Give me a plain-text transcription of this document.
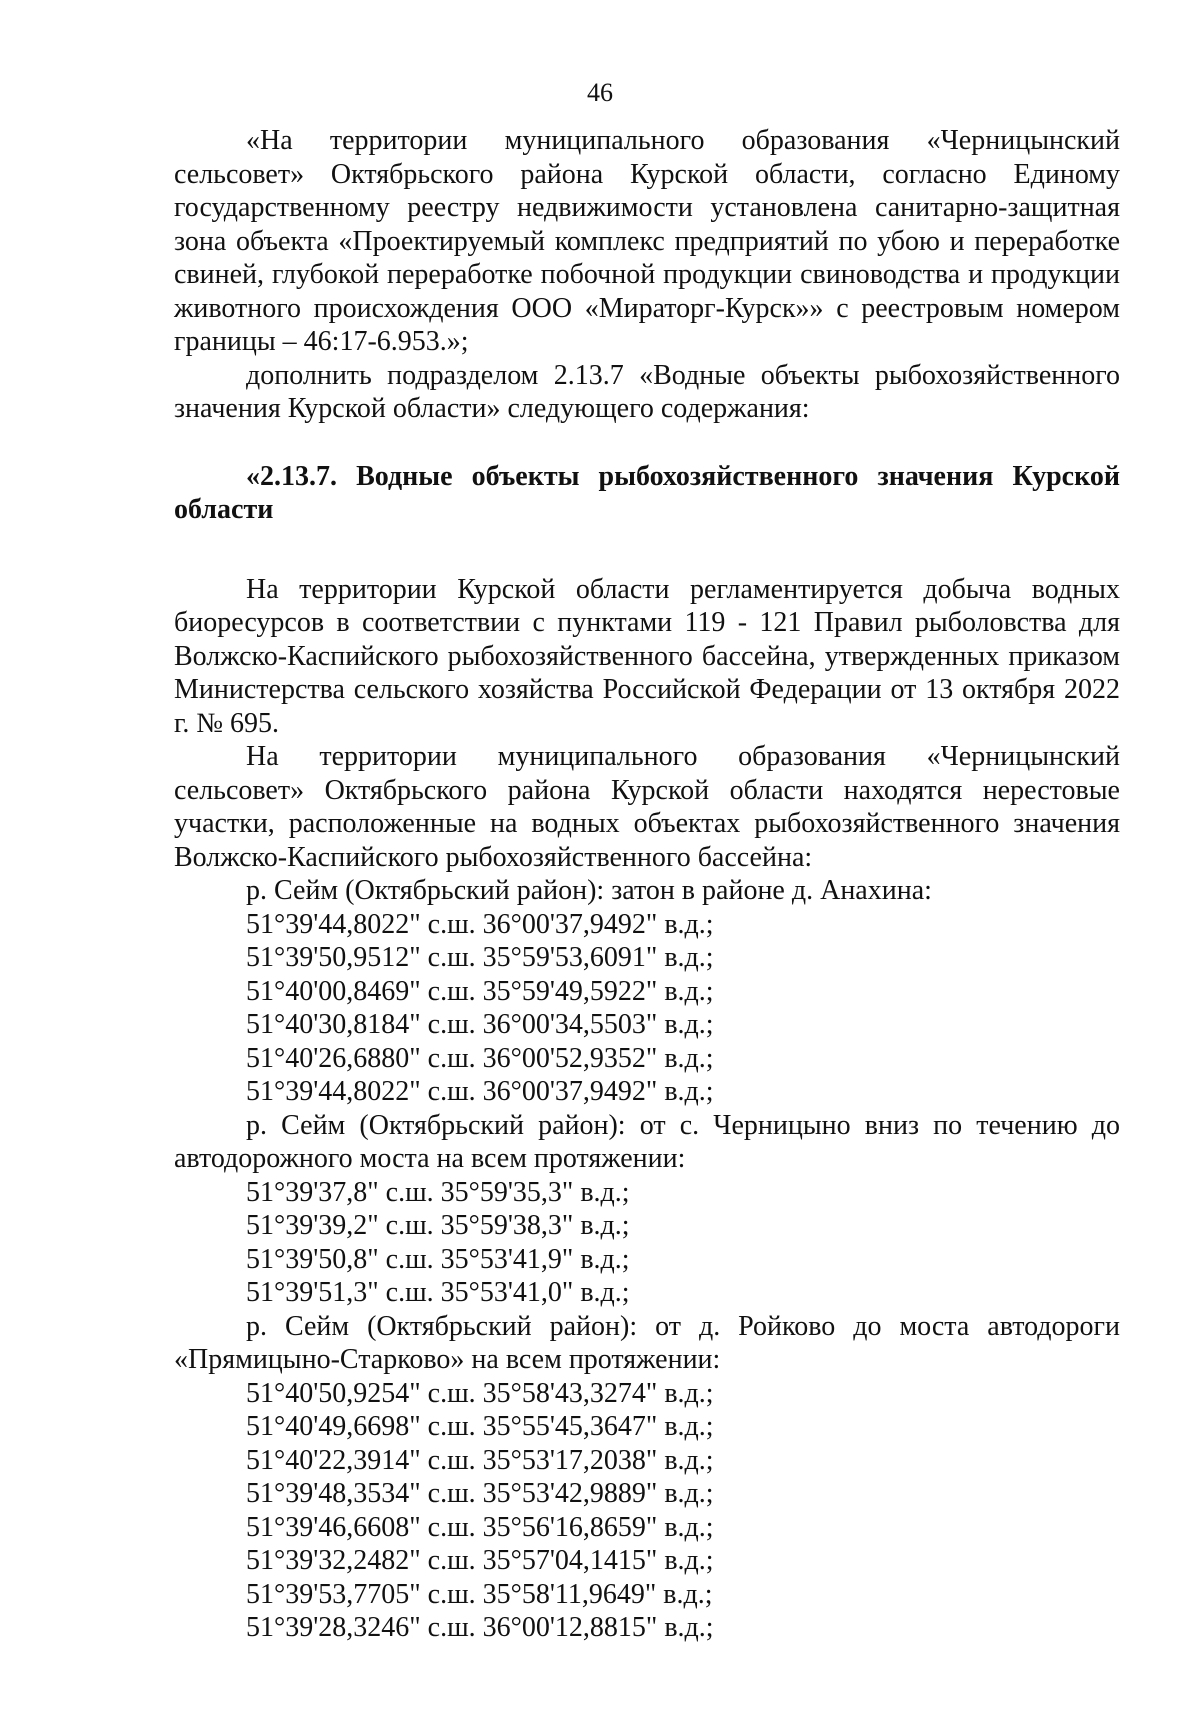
46

«На территории муниципального образования «Черницынский сельсовет» Октябрьского района Курской области, согласно Единому государственному реестру недвижимости установлена санитарно-защитная зона объекта «Проектируемый комплекс предприятий по убою и переработке свиней, глубокой переработке побочной продукции свиноводства и продукции животного происхождения ООО «Мираторг-Курск»» с реестровым номером границы – 46:17-6.953.»;

дополнить подразделом 2.13.7 «Водные объекты рыбохозяйственного значения Курской области» следующего содержания:

«2.13.7. Водные объекты рыбохозяйственного значения Курской области

На территории Курской области регламентируется добыча водных биоресурсов в соответствии с пунктами 119 - 121 Правил рыболовства для Волжско-Каспийского рыбохозяйственного бассейна, утвержденных приказом Министерства сельского хозяйства Российской Федерации от 13 октября 2022 г. № 695.

На территории муниципального образования «Черницынский сельсовет» Октябрьского района Курской области находятся нерестовые участки, расположенные на водных объектах рыбохозяйственного значения Волжско-Каспийского рыбохозяйственного бассейна:

р. Сейм (Октябрьский район): затон в районе д. Анахина:

51°39'44,8022" с.ш. 36°00'37,9492" в.д.;

51°39'50,9512" с.ш. 35°59'53,6091" в.д.;

51°40'00,8469" с.ш. 35°59'49,5922" в.д.;

51°40'30,8184" с.ш. 36°00'34,5503" в.д.;

51°40'26,6880" с.ш. 36°00'52,9352" в.д.;

51°39'44,8022" с.ш. 36°00'37,9492" в.д.;

р. Сейм (Октябрьский район): от с. Черницыно вниз по течению до автодорожного моста на всем протяжении:

51°39'37,8" с.ш. 35°59'35,3" в.д.;

51°39'39,2" с.ш. 35°59'38,3" в.д.;

51°39'50,8" с.ш. 35°53'41,9" в.д.;

51°39'51,3" с.ш. 35°53'41,0" в.д.;

р. Сейм (Октябрьский район): от д. Ройково до моста автодороги «Прямицыно-Старково» на всем протяжении:

51°40'50,9254" с.ш. 35°58'43,3274" в.д.;

51°40'49,6698" с.ш. 35°55'45,3647" в.д.;

51°40'22,3914" с.ш. 35°53'17,2038" в.д.;

51°39'48,3534" с.ш. 35°53'42,9889" в.д.;

51°39'46,6608" с.ш. 35°56'16,8659" в.д.;

51°39'32,2482" с.ш. 35°57'04,1415" в.д.;

51°39'53,7705" с.ш. 35°58'11,9649" в.д.;

51°39'28,3246" с.ш. 36°00'12,8815" в.д.;
